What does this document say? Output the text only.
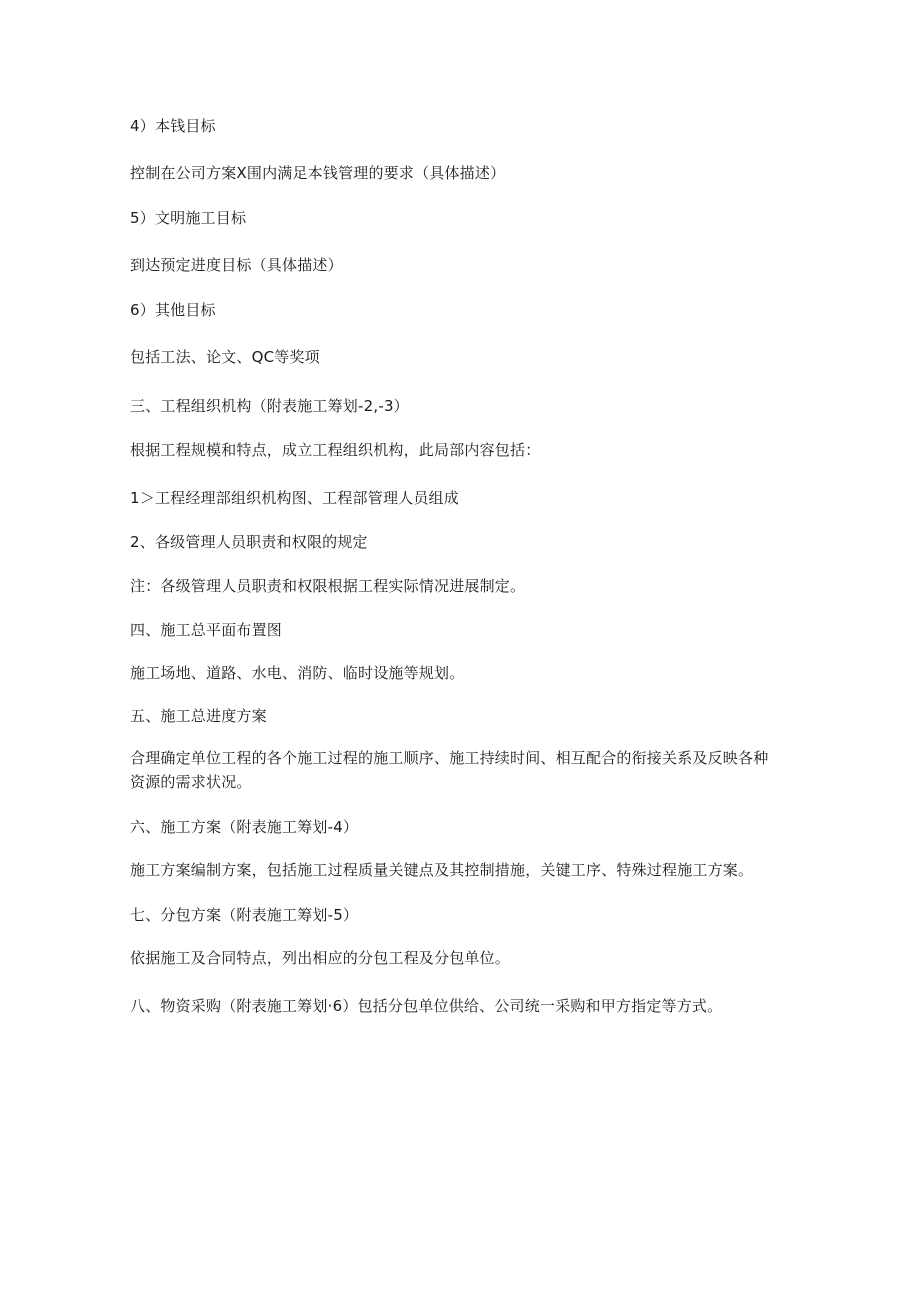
4）本钱目标
控制在公司方案X围内满足本钱管理的要求（具体描述）
5）文明施工目标
到达预定进度目标（具体描述）
6）其他目标
包括工法、论文、QC等奖项
三、工程组织机构（附表施工筹划-2,-3）
根据工程规模和特点，成立工程组织机构，此局部内容包括：
1＞工程经理部组织机构图、工程部管理人员组成
2、各级管理人员职责和权限的规定
注：各级管理人员职责和权限根据工程实际情况进展制定。
四、施工总平面布置图
施工场地、道路、水电、消防、临时设施等规划。
五、施工总进度方案
合理确定单位工程的各个施工过程的施工顺序、施工持续时间、相互配合的衔接关系及反映各种资源的需求状况。
六、施工方案（附表施工筹划-4）
施工方案编制方案，包括施工过程质量关键点及其控制措施，关键工序、特殊过程施工方案。
七、分包方案（附表施工筹划-5）
依据施工及合同特点，列出相应的分包工程及分包单位。
八、物资采购（附表施工筹划·6）包括分包单位供给、公司统一采购和甲方指定等方式。
